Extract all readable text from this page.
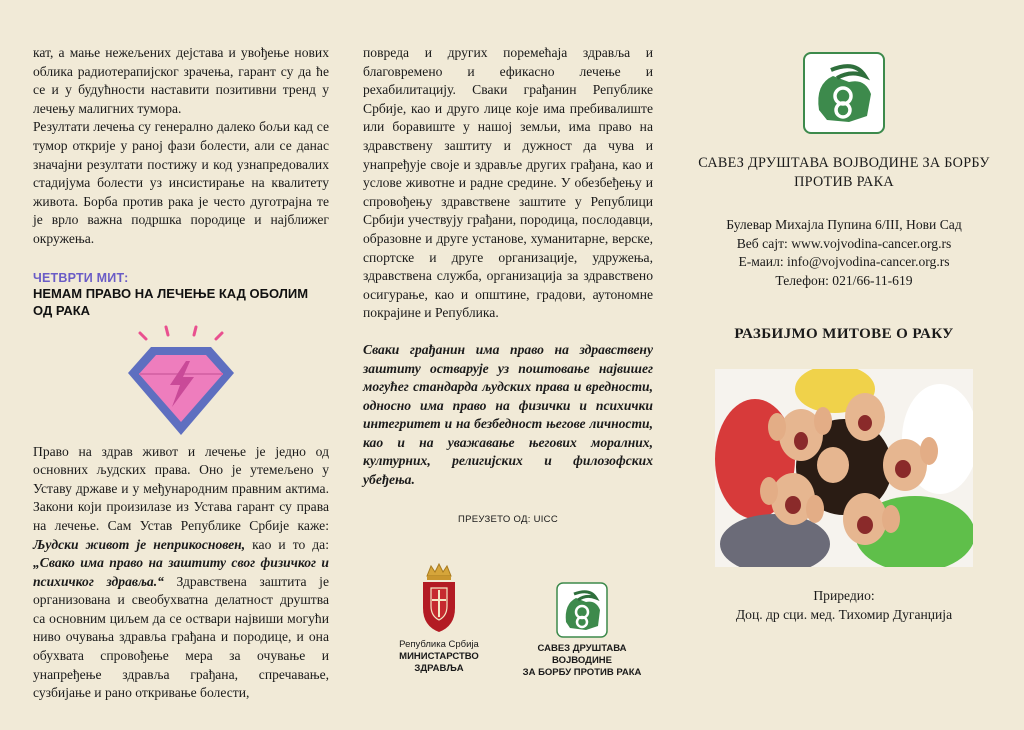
кат, а мање нежељених дејстава и увођење нових облика радиотерапијског зрачења, гарант су да ће се и у будућности наставити позитивни тренд у лечењу малигних тумора.

Резултати лечења су генерално далеко бољи кад се тумор открије у раној фази болести, али се данас значајни резултати постижу и код узнапредовалих стадијума болести уз инсистирање на квалитету живота. Борба против рака је често дуготрајна те је врло важна подршка породице и најближег окружења.

ЧЕТВРТИ МИТ:
НЕМАМ ПРАВО НА ЛЕЧЕЊЕ КАД ОБОЛИМ ОД РАКА

Право на здрав живот и лечење је једно од основних људских права. Оно је утемељено у Уставу државе и у међународним правним актима. Закони који произилазе из Устава гарант су права на лечење. Сам Устав Републике Србије каже: Људски живот је неприкосновен, као и то да: „Свако има право на заштиту свог физичког и психичког здравља.“ Здравствена заштита је организована и свеобухватна делатност друштва са основним циљем да се оствари највиши могући ниво очувања здравља грађана и породице, и она обухвата спровођење мера за очување и унапређење здравља грађана, спречавање, сузбијање и рано откривање болести,

повреда и других поремећаја здравља и благовремено и ефикасно лечење и рехабилитацију. Сваки грађанин Републике Србије, као и друго лице које има пребивалиште или боравиште у нашој земљи, има право на здравствену заштиту и дужност да чува и унапређује своје и здравље других грађана, као и услове животне и радне средине. У обезбеђењу и спровођењу здравствене заштите у Републици Србији учествују грађани, породица, послодавци, образовне и друге установе, хуманитарне, верске, спортске и друге организације, удружења, здравствена служба, организација за здравствено осигурање, као и општине, градови, аутономне покрајине и Република.

Сваки грађанин има право на здравствену заштиту остварује уз поштовање највишег могућег стандарда људских права и вредности, односно има право на физички и психички интегритет и на безбедност његове личности, као и на уважавање његових моралних, културних, религијских и филозофских убеђења.

ПРЕУЗЕТО ОД: UICC
Република Србија
МИНИСТАРСТВО ЗДРАВЉА
САВЕЗ ДРУШТАВА ВОЈВОДИНЕ
ЗА БОРБУ ПРОТИВ РАКА
САВЕЗ ДРУШТАВА ВОЈВОДИНЕ ЗА БОРБУ
ПРОТИВ РАКА
Булевар Михајла Пупина 6/III, Нови Сад
Веб сајт: www.vojvodina-cancer.org.rs
Е-маил: info@vojvodina-cancer.org.rs
Телефон: 021/66-11-619
РАЗБИЈМО МИТОВЕ О РАКУ
Приредио:
Доц. др сци. мед. Тихомир Дуганџија
